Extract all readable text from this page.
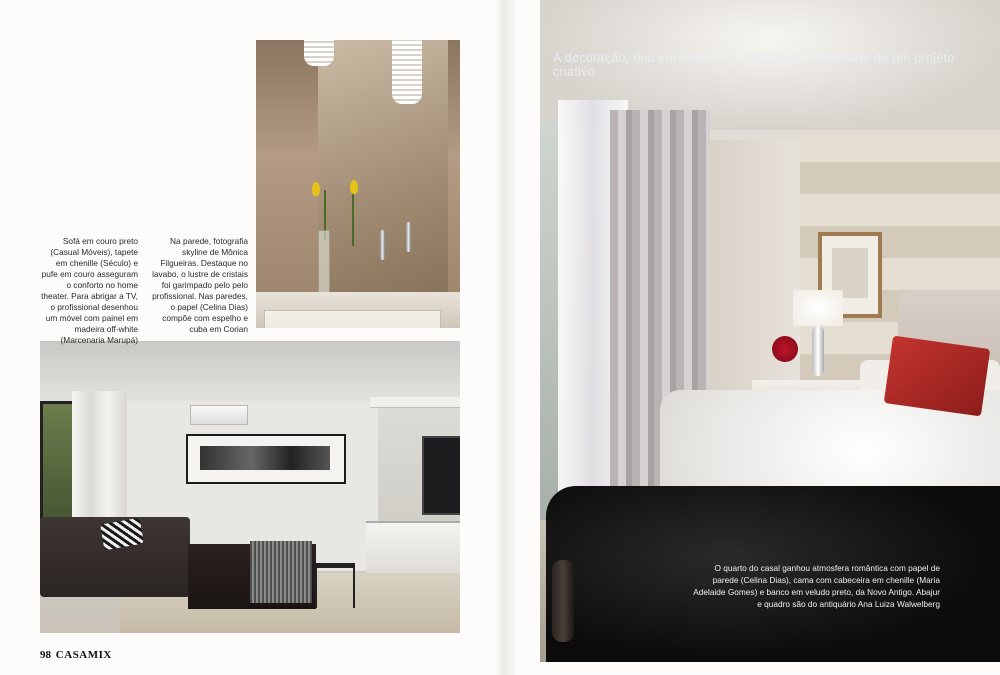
Sofá em couro preto (Casual Móveis), tapete em chenille (Século) e pufe em couro asseguram o conforto no home theater. Para abrigar a TV, o profissional desenhou um móvel com painel em madeira off-white (Marcenaria Marupá)
Na parede, fotografia skyline de Mônica Filgueiras. Destaque no lavabo, o lustre de cristais foi garimpado pelo pelo profissional. Nas paredes, o papel (Celina Dias) compõe com espelho e cuba em Corian
A decoração, rica em detalhes, revela a personalidade de um projeto criativo
O quarto do casal ganhou atmosfera romântica com papel de parede (Celina Dias), cama com cabeceira em chenille (Maria Adelaide Gomes) e banco em veludo preto, da Novo Antigo. Abajur e quadro são do antiquário Ana Luiza Walwelberg
98 CASAMIX
